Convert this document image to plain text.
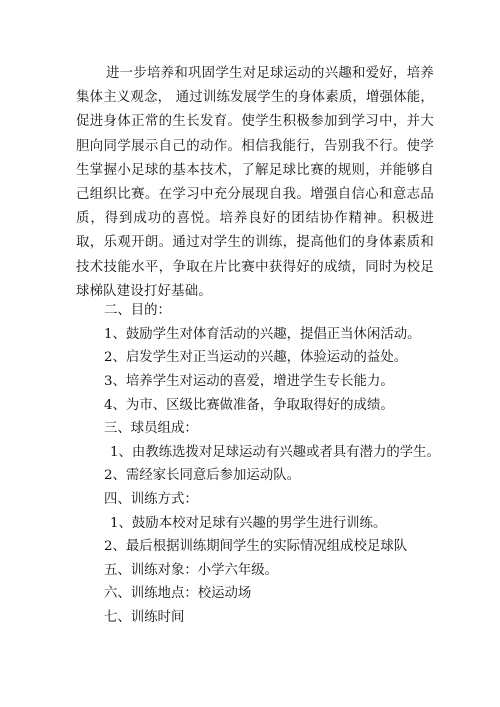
进一步培养和巩固学生对足球运动的兴趣和爱好，培养集体主义观念， 通过训练发展学生的身体素质，增强体能，促进身体正常的生长发育。使学生积极参加到学习中，并大胆向同学展示自己的动作。相信我能行，告别我不行。使学生掌握小足球的基本技术，了解足球比赛的规则，并能够自己组织比赛。在学习中充分展现自我。增强自信心和意志品质，得到成功的喜悦。培养良好的团结协作精神。积极进取，乐观开朗。通过对学生的训练，提高他们的身体素质和技术技能水平，争取在片比赛中获得好的成绩，同时为校足球梯队建设打好基础。

二、目的：

1、鼓励学生对体育活动的兴趣，提倡正当休闲活动。

2、启发学生对正当运动的兴趣，体验运动的益处。

3、培养学生对运动的喜爱，增进学生专长能力。

4、为市、区级比赛做准备，争取取得好的成绩。

三、球员组成：

1、由教练选拨对足球运动有兴趣或者具有潜力的学生。

2、需经家长同意后参加运动队。

四、训练方式：

1、鼓励本校对足球有兴趣的男学生进行训练。

2、最后根据训练期间学生的实际情况组成校足球队

五、训练对象：小学六年级。

六、训练地点：校运动场

七、训练时间
